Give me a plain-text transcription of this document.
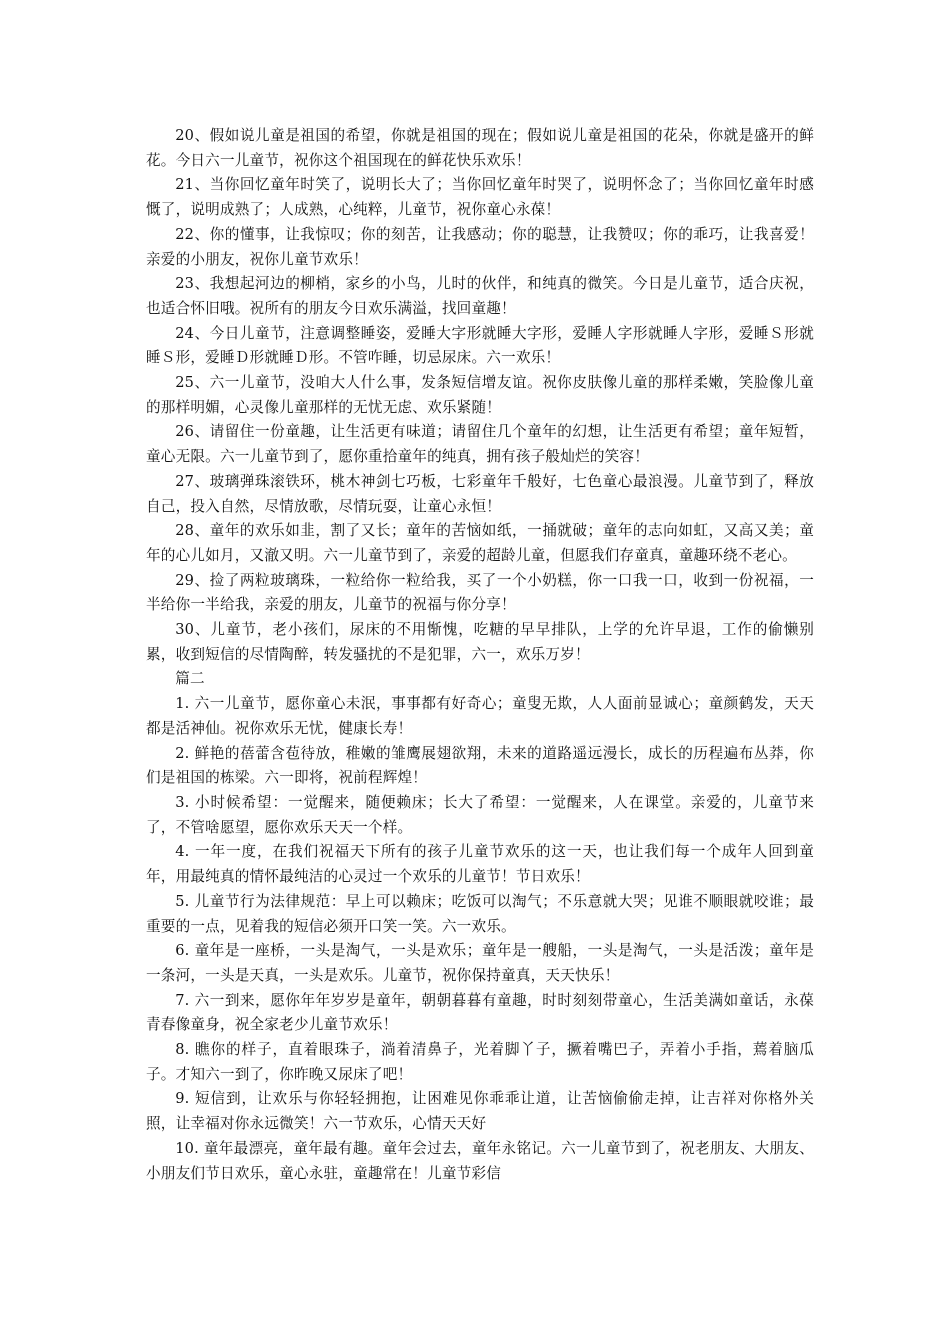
20、假如说儿童是祖国的希望，你就是祖国的现在；假如说儿童是祖国的花朵，你就是盛开的鲜花。今日六一儿童节，祝你这个祖国现在的鲜花快乐欢乐！

21、当你回忆童年时笑了，说明长大了；当你回忆童年时哭了，说明怀念了；当你回忆童年时感慨了，说明成熟了；人成熟，心纯粹，儿童节，祝你童心永葆！

22、你的懂事，让我惊叹；你的刻苦，让我感动；你的聪慧，让我赞叹；你的乖巧，让我喜爱！亲爱的小朋友，祝你儿童节欢乐！

23、我想起河边的柳梢，家乡的小鸟，儿时的伙伴，和纯真的微笑。今日是儿童节，适合庆祝，也适合怀旧哦。祝所有的朋友今日欢乐满溢，找回童趣！

24、今日儿童节，注意调整睡姿，爱睡大字形就睡大字形，爱睡人字形就睡人字形，爱睡Ｓ形就睡Ｓ形，爱睡Ｄ形就睡Ｄ形。不管咋睡，切忌尿床。六一欢乐！

25、六一儿童节，没咱大人什么事，发条短信增友谊。祝你皮肤像儿童的那样柔嫩，笑脸像儿童的那样明媚，心灵像儿童那样的无忧无虑、欢乐紧随！

26、请留住一份童趣，让生活更有味道；请留住几个童年的幻想，让生活更有希望；童年短暂，童心无限。六一儿童节到了，愿你重拾童年的纯真，拥有孩子般灿烂的笑容！

27、玻璃弹珠滚铁环，桃木神剑七巧板，七彩童年千般好，七色童心最浪漫。儿童节到了，释放自己，投入自然，尽情放歌，尽情玩耍，让童心永恒！

28、童年的欢乐如韭，割了又长；童年的苦恼如纸，一捅就破；童年的志向如虹，又高又美；童年的心儿如月，又澈又明。六一儿童节到了，亲爱的超龄儿童，但愿我们存童真，童趣环绕不老心。

29、捡了两粒玻璃珠，一粒给你一粒给我，买了一个小奶糕，你一口我一口，收到一份祝福，一半给你一半给我，亲爱的朋友，儿童节的祝福与你分享！

30、儿童节，老小孩们，尿床的不用惭愧，吃糖的早早排队，上学的允许早退，工作的偷懒别累，收到短信的尽情陶醉，转发骚扰的不是犯罪，六一，欢乐万岁！

篇二

1. 六一儿童节，愿你童心未泯，事事都有好奇心；童叟无欺，人人面前显诚心；童颜鹤发，天天都是活神仙。祝你欢乐无忧，健康长寿！

2. 鲜艳的蓓蕾含苞待放，稚嫩的雏鹰展翅欲翔，未来的道路遥远漫长，成长的历程遍布丛莽，你们是祖国的栋梁。六一即将，祝前程辉煌！

3. 小时候希望：一觉醒来，随便赖床；长大了希望：一觉醒来，人在课堂。亲爱的，儿童节来了，不管啥愿望，愿你欢乐天天一个样。

4. 一年一度，在我们祝福天下所有的孩子儿童节欢乐的这一天，也让我们每一个成年人回到童年，用最纯真的情怀最纯洁的心灵过一个欢乐的儿童节！节日欢乐！

5. 儿童节行为法律规范：早上可以赖床；吃饭可以淘气；不乐意就大哭；见谁不顺眼就咬谁；最重要的一点，见着我的短信必须开口笑一笑。六一欢乐。

6. 童年是一座桥，一头是淘气，一头是欢乐；童年是一艘船，一头是淘气，一头是活泼；童年是一条河，一头是天真，一头是欢乐。儿童节，祝你保持童真，天天快乐！

7. 六一到来，愿你年年岁岁是童年，朝朝暮暮有童趣，时时刻刻带童心，生活美满如童话，永葆青春像童身，祝全家老少儿童节欢乐！

8. 瞧你的样子，直着眼珠子，淌着清鼻子，光着脚丫子，撅着嘴巴子，弄着小手指，蔫着脑瓜子。才知六一到了，你昨晚又尿床了吧！

9. 短信到，让欢乐与你轻轻拥抱，让困难见你乖乖让道，让苦恼偷偷走掉，让吉祥对你格外关照，让幸福对你永远微笑！六一节欢乐，心情天天好

10. 童年最漂亮，童年最有趣。童年会过去，童年永铭记。六一儿童节到了，祝老朋友、大朋友、小朋友们节日欢乐，童心永驻，童趣常在！儿童节彩信
